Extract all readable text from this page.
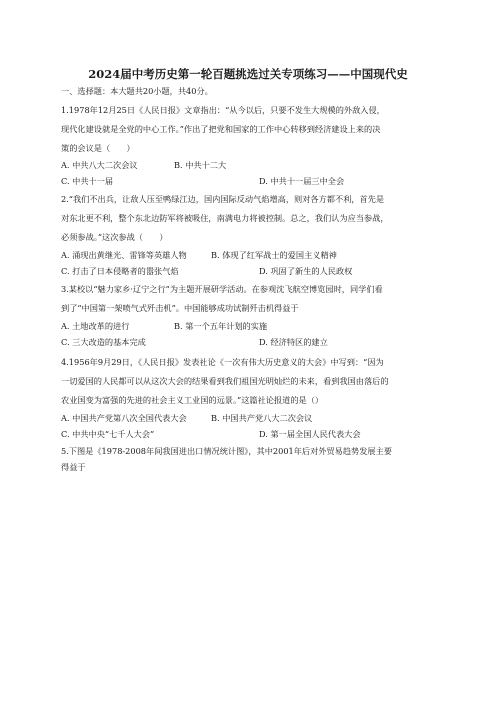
2024届中考历史第一轮百题挑选过关专项练习——中国现代史
一、选择题：本大题共20小题，共40分。
1.1978年12月25日《人民日报》文章指出：“从今以后，只要不发生大规模的外敌入侵，
现代化建设就是全党的中心工作。”作出了把党和国家的工作中心转移到经济建设上来的决
策的会议是（　　）
A. 中共八大二次会议	B. 中共十二大
C. 中共十一届	D. 中共十一届三中全会
2.“我们不出兵，让敌人压至鸭绿江边，国内国际反动气焰增高，则对各方都不利，首先是
对东北更不利，整个东北边防军将被吸住，南满电力将被控制。总之，我们认为应当参战，
必须参战。”这次参战（　　）
A. 涌现出黄继光、雷锋等英雄人物	B. 体现了红军战士的爱国主义精神
C. 打击了日本侵略者的嚣张气焰	D. 巩固了新生的人民政权
3.某校以“魅力家乡·辽宁之行”为主题开展研学活动。在参观沈飞航空博览园时，同学们看
到了“中国第一架喷气式歼击机”。中国能够成功试制歼击机得益于
A. 土地改革的进行	B. 第一个五年计划的实施
C. 三大改造的基本完成	D. 经济特区的建立
4.1956年9月29日，《人民日报》发表社论《一次有伟大历史意义的大会》中写到：“因为
一切爱国的人民都可以从这次大会的结果看到我们祖国光明灿烂的未来，看到我国由落后的
农业国变为富强的先进的社会主义工业国的远景。”这篇社论报道的是（）
A. 中国共产党第八次全国代表大会	B. 中国共产党八大二次会议
C. 中共中央“七千人大会”	D. 第一届全国人民代表大会
5.下图是《1978-2008年间我国进出口情况统计图》，其中2001年后对外贸易趋势发展主要
得益于
